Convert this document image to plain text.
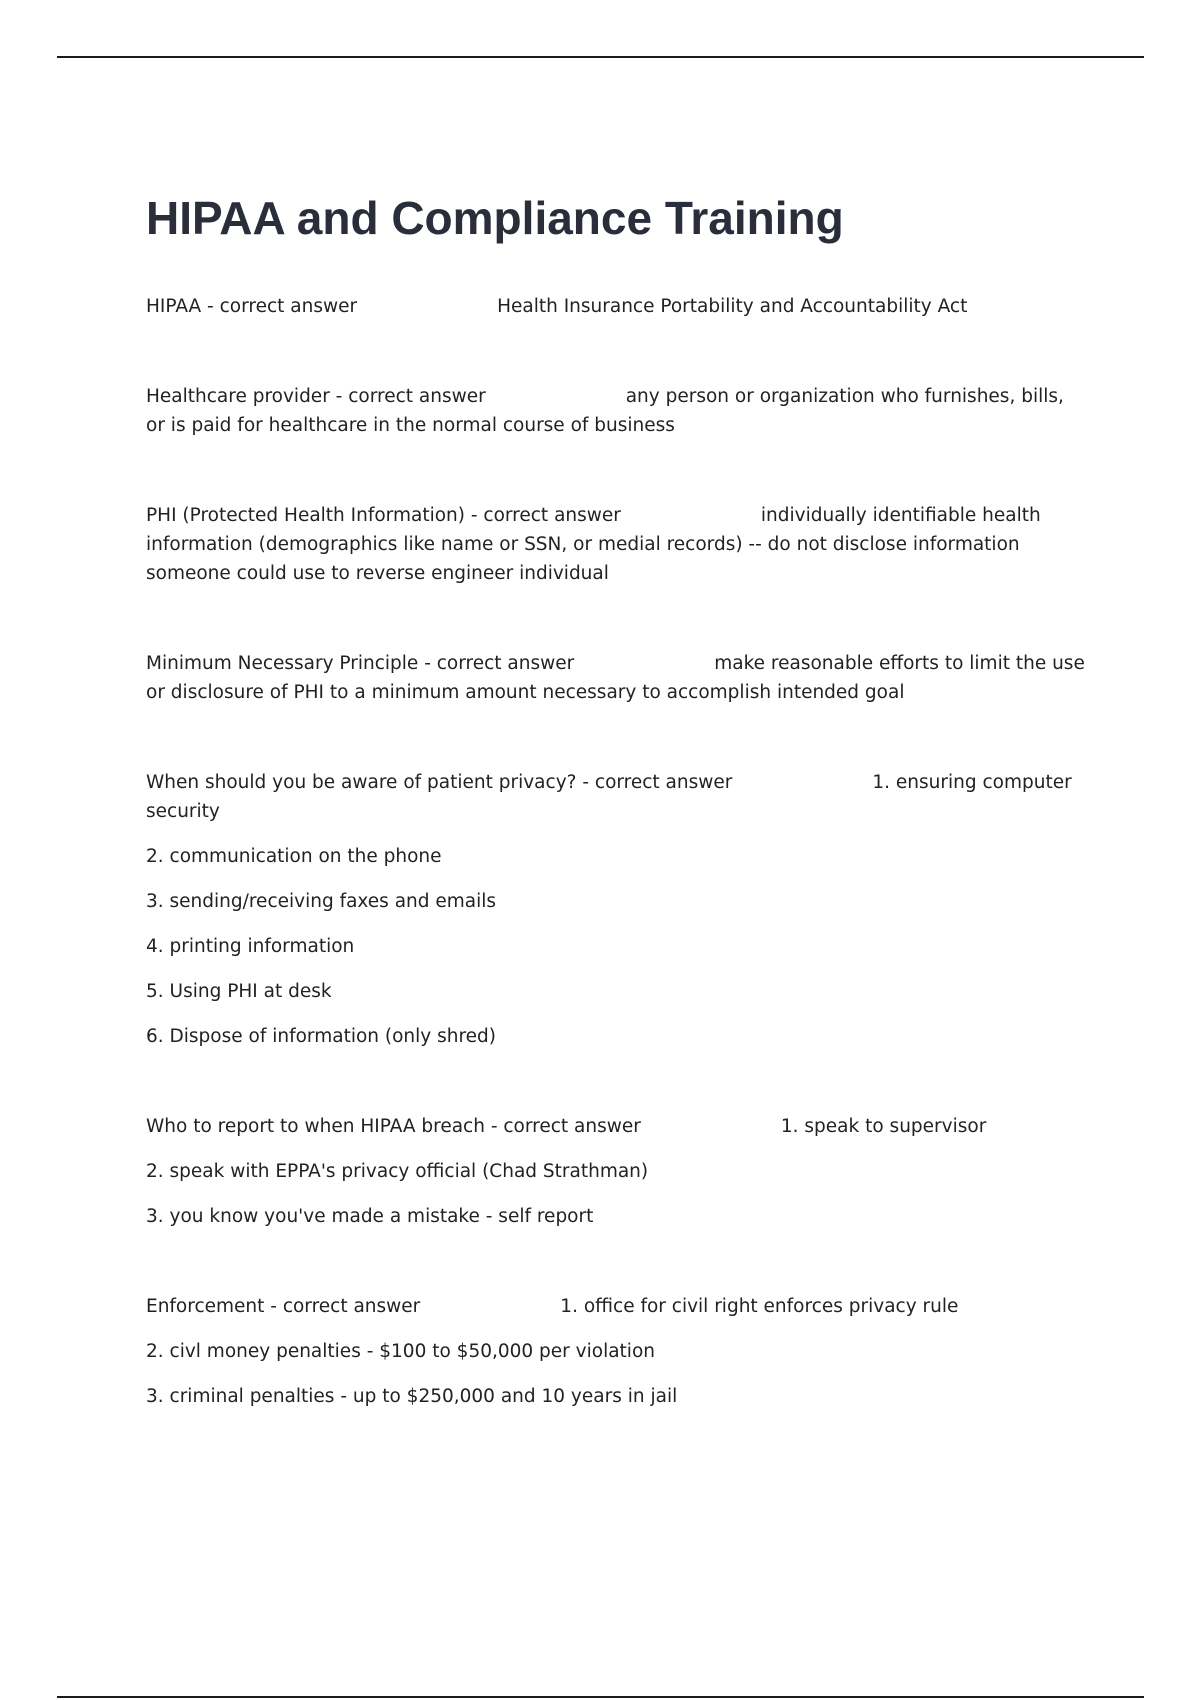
HIPAA and Compliance Training

HIPAA - correct answer	Health Insurance Portability and Accountability Act

Healthcare provider - correct answer	any person or organization who furnishes, bills, or is paid for healthcare in the normal course of business

PHI (Protected Health Information) - correct answer	individually identifiable health information (demographics like name or SSN, or medial records) -- do not disclose information someone could use to reverse engineer individual

Minimum Necessary Principle - correct answer	make reasonable efforts to limit the use or disclosure of PHI to a minimum amount necessary to accomplish intended goal

When should you be aware of patient privacy? - correct answer	1. ensuring computer security

2. communication on the phone

3. sending/receiving faxes and emails

4. printing information

5. Using PHI at desk

6. Dispose of information (only shred)

Who to report to when HIPAA breach - correct answer	1. speak to supervisor

2. speak with EPPA's privacy official (Chad Strathman)

3. you know you've made a mistake - self report

Enforcement - correct answer	1. office for civil right enforces privacy rule

2. civl money penalties - $100 to $50,000 per violation

3. criminal penalties - up to $250,000 and 10 years in jail
